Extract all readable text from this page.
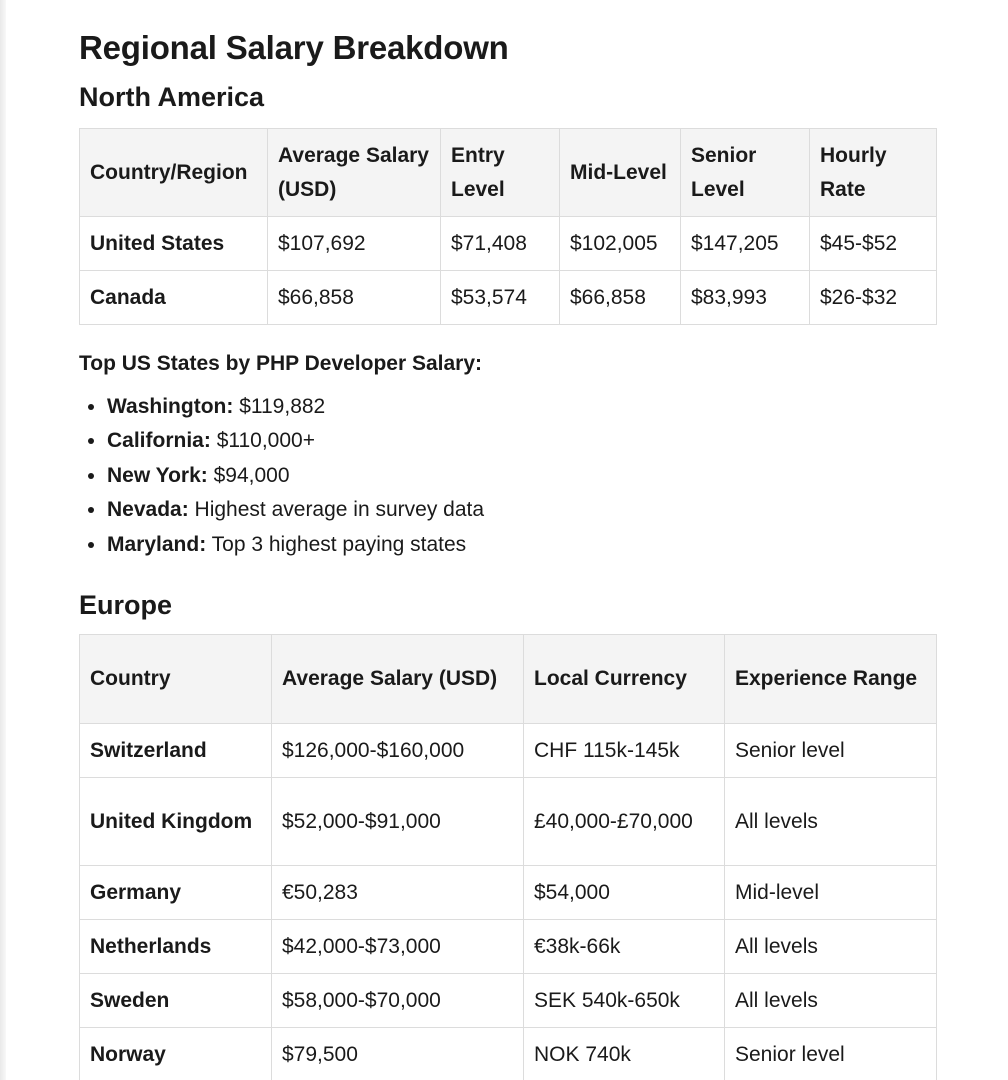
Regional Salary Breakdown
North America
Country/Region	Average Salary (USD)	Entry Level	Mid-Level	Senior Level	Hourly Rate
United States	$107,692	$71,408	$102,005	$147,205	$45-$52
Canada	$66,858	$53,574	$66,858	$83,993	$26-$32
Top US States by PHP Developer Salary:
• Washington: $119,882
• California: $110,000+
• New York: $94,000
• Nevada: Highest average in survey data
• Maryland: Top 3 highest paying states
Europe
Country	Average Salary (USD)	Local Currency	Experience Range
Switzerland	$126,000-$160,000	CHF 115k-145k	Senior level
United Kingdom	$52,000-$91,000	£40,000-£70,000	All levels
Germany	€50,283	$54,000	Mid-level
Netherlands	$42,000-$73,000	€38k-66k	All levels
Sweden	$58,000-$70,000	SEK 540k-650k	All levels
Norway	$79,500	NOK 740k	Senior level
